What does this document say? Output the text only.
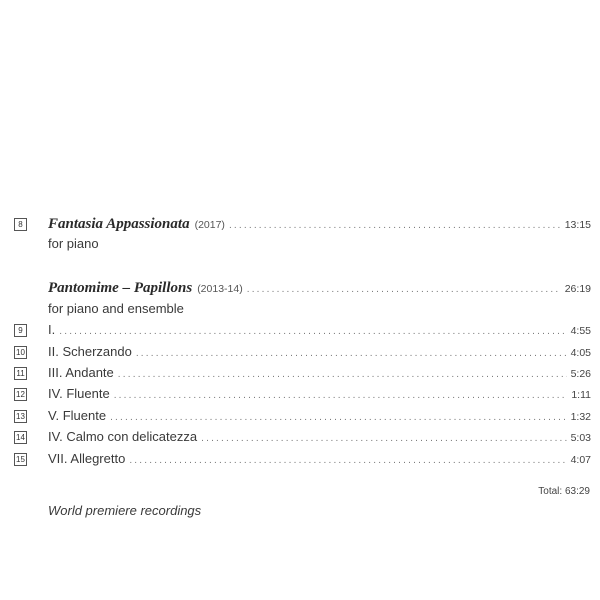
8 Fantasia Appassionata (2017) .....	13:15
for piano
Pantomime – Papillons (2013-14) .....	26:19
for piano and ensemble
9	I. .....	4:55
10 II. Scherzando .....	4:05
11 III. Andante .....	5:26
12 IV. Fluente .....	1:11
13 V. Fluente .....	1:32
14 IV. Calmo con delicatezza .....	5:03
15 VII. Allegretto .....	4:07
Total: 63:29
World premiere recordings
